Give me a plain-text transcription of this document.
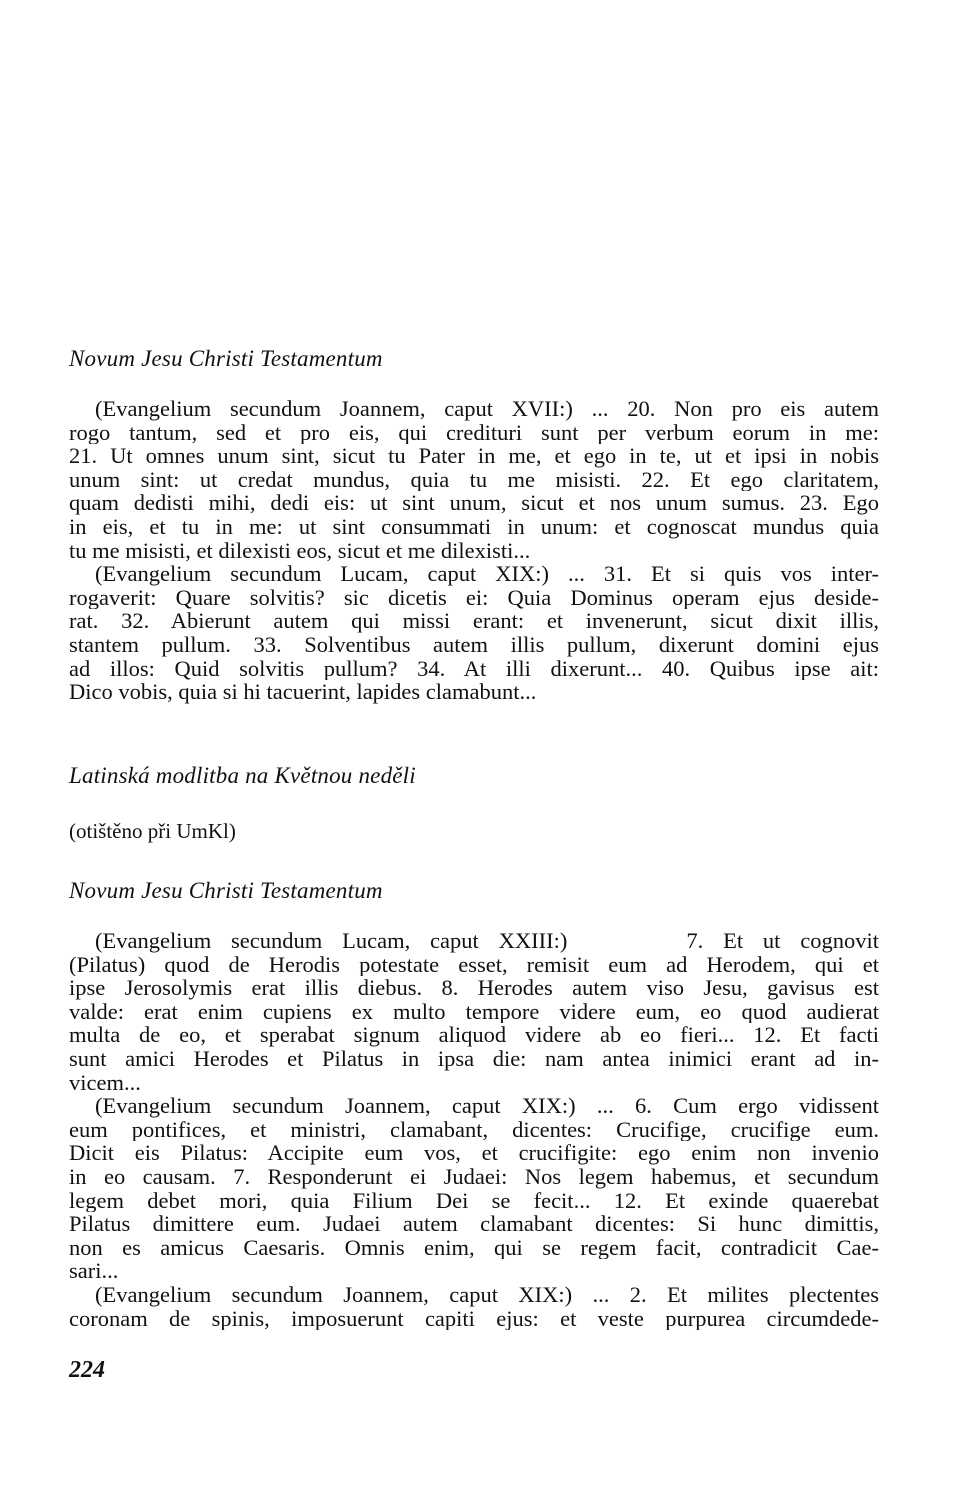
Novum Jesu Christi Testamentum
(Evangelium secundum Joannem, caput XVII:) ... 20. Non pro eis autem
rogo tantum, sed et pro eis, qui credituri sunt per verbum eorum in me:
21. Ut omnes unum sint, sicut tu Pater in me, et ego in te, ut et ipsi in nobis
unum sint: ut credat mundus, quia tu me misisti. 22. Et ego claritatem,
quam dedisti mihi, dedi eis: ut sint unum, sicut et nos unum sumus. 23. Ego
in eis, et tu in me: ut sint consummati in unum: et cognoscat mundus quia
tu me misisti, et dilexisti eos, sicut et me dilexisti...
(Evangelium secundum Lucam, caput XIX:) ... 31. Et si quis vos inter-
rogaverit: Quare solvitis? sic dicetis ei: Quia Dominus operam ejus deside-
rat. 32. Abierunt autem qui missi erant: et invenerunt, sicut dixit illis,
stantem pullum. 33. Solventibus autem illis pullum, dixerunt domini ejus
ad illos: Quid solvitis pullum? 34. At illi dixerunt... 40. Quibus ipse ait:
Dico vobis, quia si hi tacuerint, lapides clamabunt...
Latinská modlitba na Květnou neděli
(otištěno při UmKl)
Novum Jesu Christi Testamentum
(Evangelium secundum Lucam, caput XXIII:)      7. Et ut cognovit
(Pilatus) quod de Herodis potestate esset, remisit eum ad Herodem, qui et
ipse Jerosolymis erat illis diebus. 8. Herodes autem viso Jesu, gavisus est
valde: erat enim cupiens ex multo tempore videre eum, eo quod audierat
multa de eo, et sperabat signum aliquod videre ab eo fieri... 12. Et facti
sunt amici Herodes et Pilatus in ipsa die: nam antea inimici erant ad in-
vicem...
(Evangelium secundum Joannem, caput XIX:) ... 6. Cum ergo vidissent
eum pontifices, et ministri, clamabant, dicentes: Crucifige, crucifige eum.
Dicit eis Pilatus: Accipite eum vos, et crucifigite: ego enim non invenio
in eo causam. 7. Responderunt ei Judaei: Nos legem habemus, et secundum
legem debet mori, quia Filium Dei se fecit... 12. Et exinde quaerebat
Pilatus dimittere eum. Judaei autem clamabant dicentes: Si hunc dimittis,
non es amicus Caesaris. Omnis enim, qui se regem facit, contradicit Cae-
sari...
(Evangelium secundum Joannem, caput XIX:) ... 2. Et milites plectentes
coronam de spinis, imposuerunt capiti ejus: et veste purpurea circumdede-
224
